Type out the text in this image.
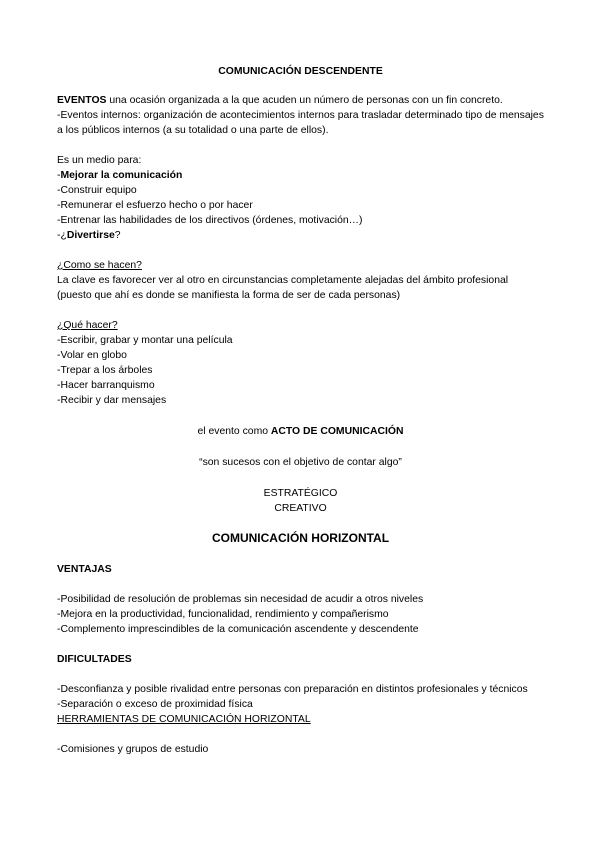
COMUNICACIÓN DESCENDENTE

EVENTOS una ocasión organizada a la que acuden un número de personas con un fin concreto.

-Eventos internos: organización de acontecimientos internos para trasladar determinado tipo de mensajes a los públicos internos (a su totalidad o una parte de ellos).

Es un medio para:

-Mejorar la comunicación
-Construir equipo
-Remunerar el esfuerzo hecho o por hacer
-Entrenar las habilidades de los directivos (órdenes, motivación…)
-¿Divertirse?

¿Como se hacen?

La clave es favorecer ver al otro en circunstancias completamente alejadas del ámbito profesional (puesto que ahí es donde se manifiesta la forma de ser de cada personas)

¿Qué hacer?

-Escribir, grabar y montar una película
-Volar en globo
-Trepar a los árboles
-Hacer barranquismo
-Recibir y dar mensajes

el evento como ACTO DE COMUNICACIÓN

“son sucesos con el objetivo de contar algo”

ESTRATÉGICO

CREATIVO

COMUNICACIÓN HORIZONTAL

VENTAJAS

-Posibilidad de resolución de problemas sin necesidad de acudir a otros niveles
-Mejora en la productividad, funcionalidad, rendimiento y compañerismo
-Complemento imprescindibles de la comunicación ascendente y descendente

DIFICULTADES

-Desconfianza y posible rivalidad entre personas con preparación en distintos profesionales y técnicos
-Separación o exceso de proximidad física

HERRAMIENTAS DE COMUNICACIÓN HORIZONTAL

-Comisiones y grupos de estudio
